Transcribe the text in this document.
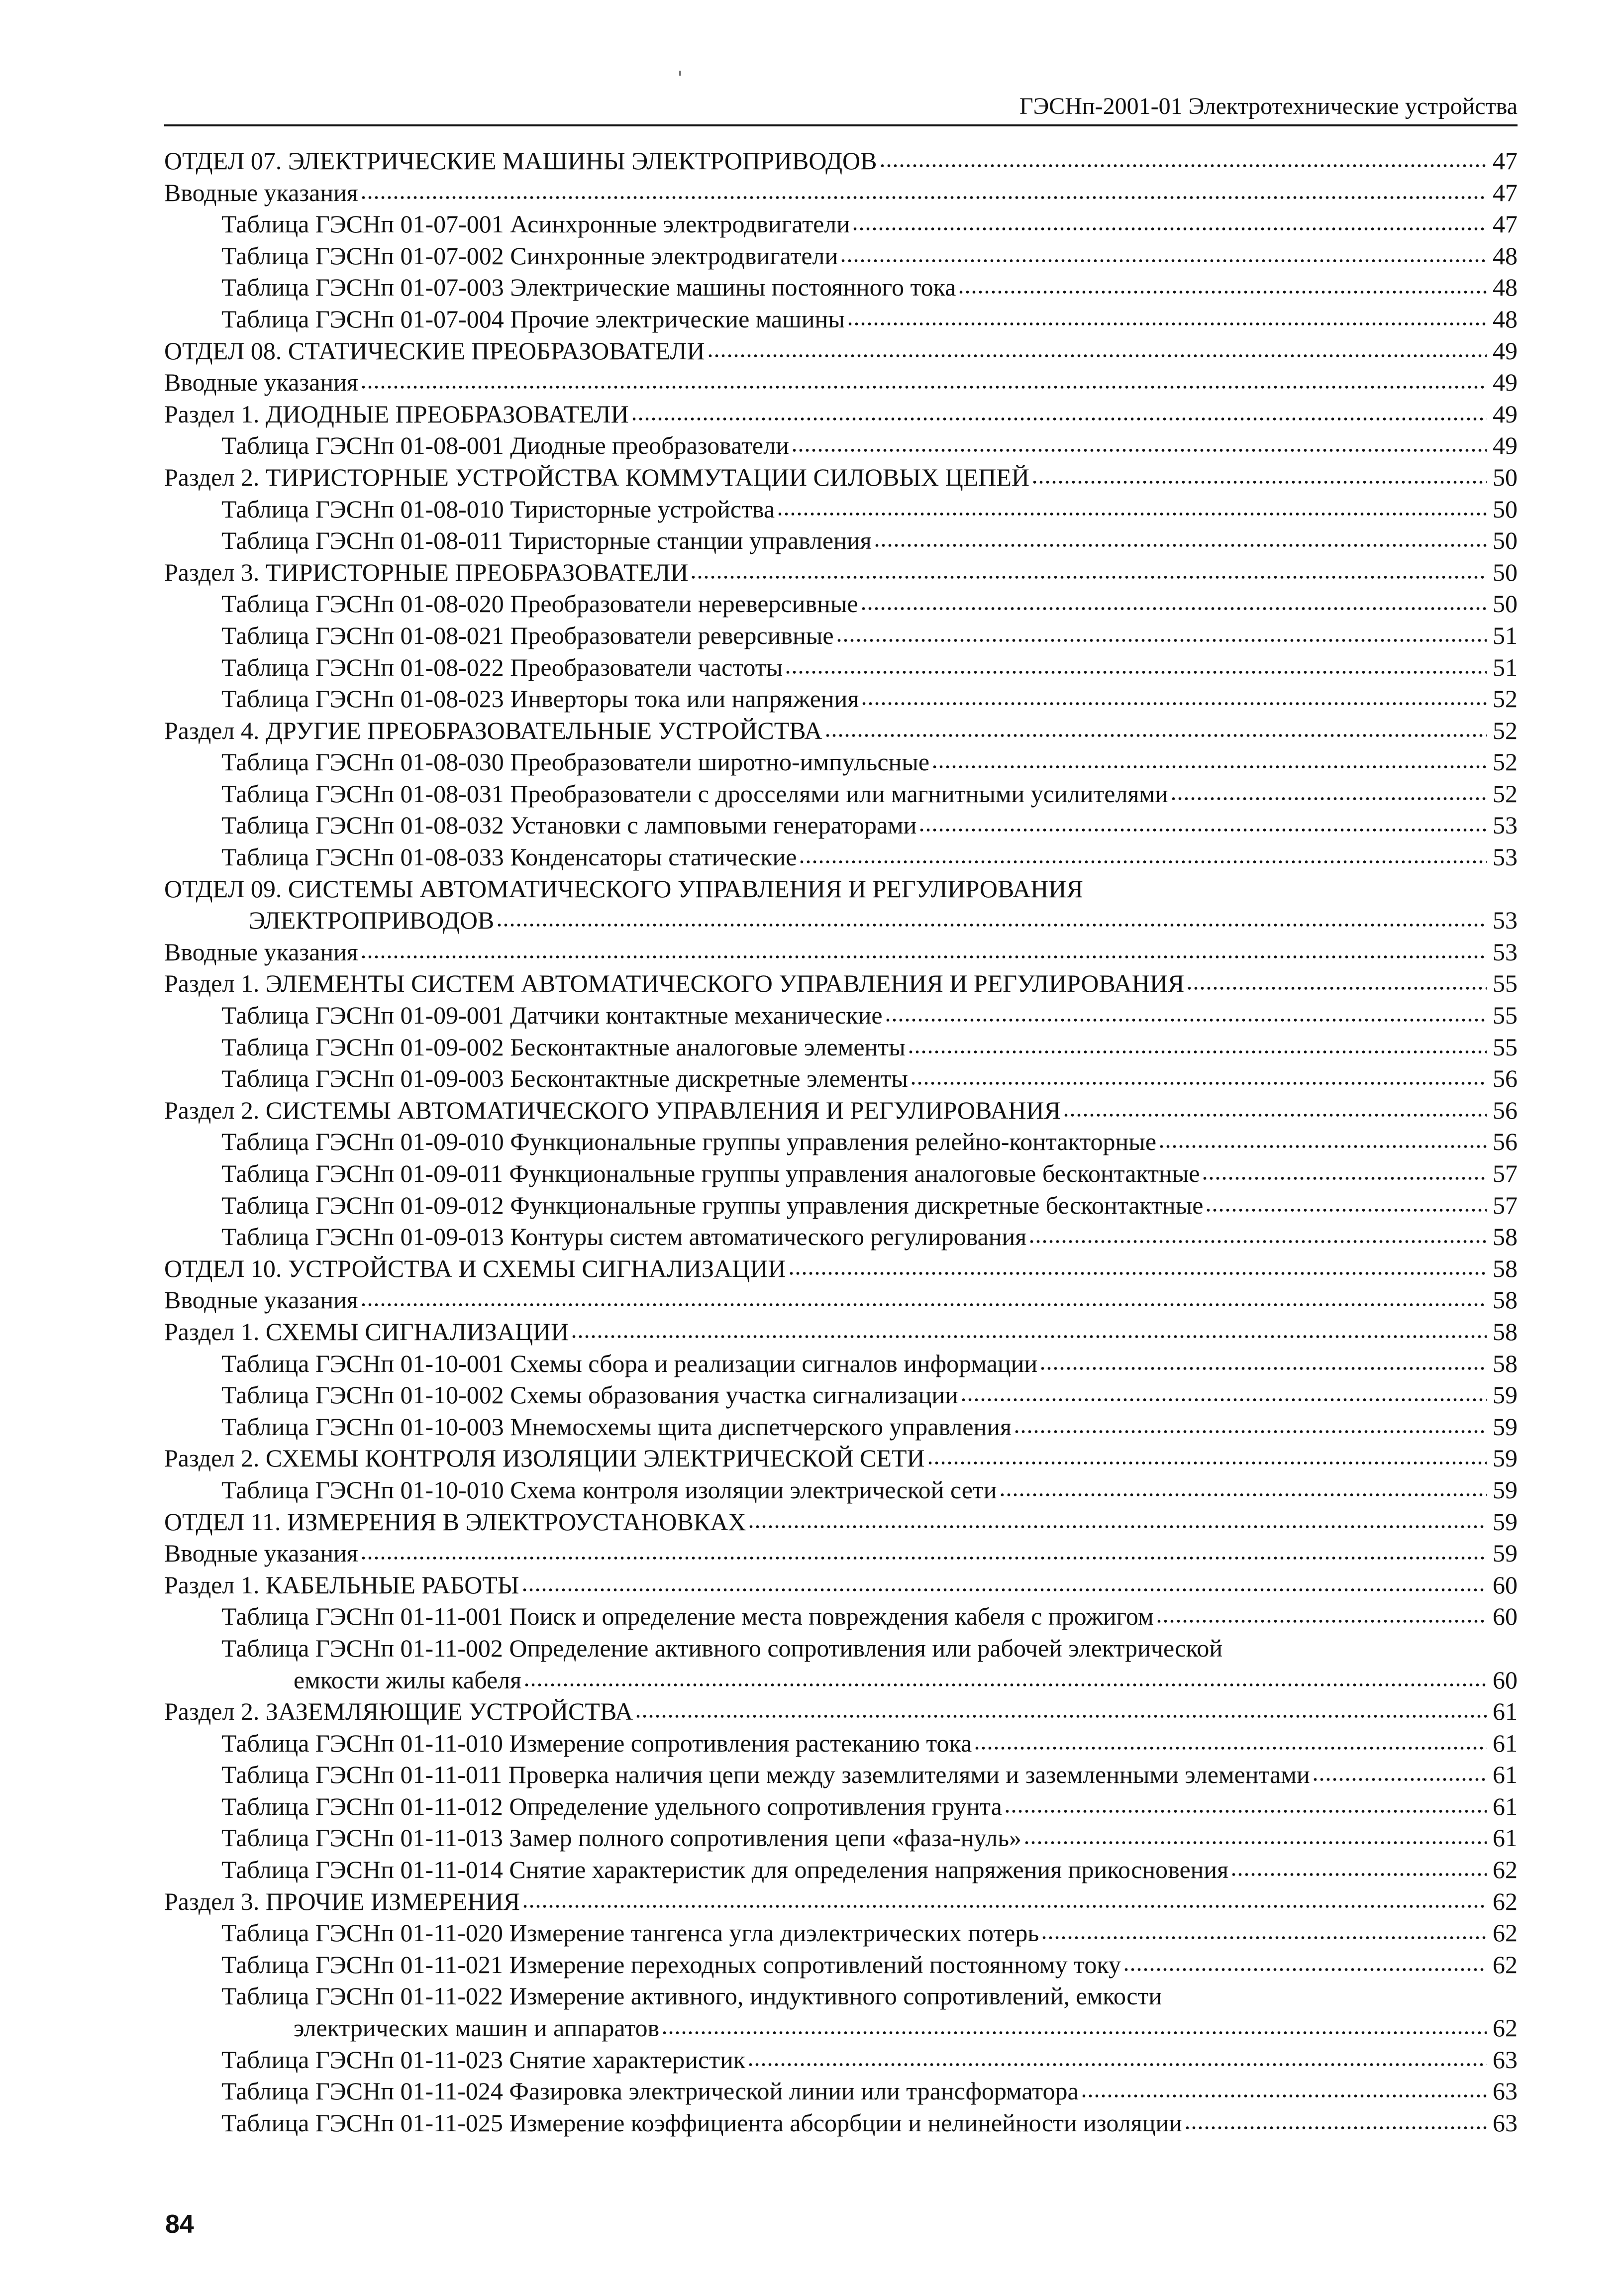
ГЭСНп-2001-01 Электротехнические устройства
ОТДЕЛ 07. ЭЛЕКТРИЧЕСКИЕ МАШИНЫ ЭЛЕКТРОПРИВОДОВ	47
Вводные указания	47
Таблица ГЭСНп 01-07-001 Асинхронные электродвигатели	47
Таблица ГЭСНп 01-07-002 Синхронные электродвигатели	48
Таблица ГЭСНп 01-07-003 Электрические машины постоянного тока	48
Таблица ГЭСНп 01-07-004 Прочие электрические машины	48
ОТДЕЛ 08. СТАТИЧЕСКИЕ ПРЕОБРАЗОВАТЕЛИ	49
Вводные указания	49
Раздел 1. ДИОДНЫЕ ПРЕОБРАЗОВАТЕЛИ	49
Таблица ГЭСНп 01-08-001 Диодные преобразователи	49
Раздел 2. ТИРИСТОРНЫЕ УСТРОЙСТВА КОММУТАЦИИ СИЛОВЫХ ЦЕПЕЙ	50
Таблица ГЭСНп 01-08-010 Тиристорные устройства	50
Таблица ГЭСНп 01-08-011 Тиристорные станции управления	50
Раздел 3. ТИРИСТОРНЫЕ ПРЕОБРАЗОВАТЕЛИ	50
Таблица ГЭСНп 01-08-020 Преобразователи нереверсивные	50
Таблица ГЭСНп 01-08-021 Преобразователи реверсивные	51
Таблица ГЭСНп 01-08-022 Преобразователи частоты	51
Таблица ГЭСНп 01-08-023 Инверторы тока или напряжения	52
Раздел 4. ДРУГИЕ ПРЕОБРАЗОВАТЕЛЬНЫЕ УСТРОЙСТВА	52
Таблица ГЭСНп 01-08-030 Преобразователи широтно-импульсные	52
Таблица ГЭСНп 01-08-031 Преобразователи с дросселями или магнитными усилителями	52
Таблица ГЭСНп 01-08-032 Установки с ламповыми генераторами	53
Таблица ГЭСНп 01-08-033 Конденсаторы статические	53
ОТДЕЛ 09. СИСТЕМЫ АВТОМАТИЧЕСКОГО УПРАВЛЕНИЯ И РЕГУЛИРОВАНИЯ
ЭЛЕКТРОПРИВОДОВ	53
Вводные указания	53
Раздел 1. ЭЛЕМЕНТЫ СИСТЕМ АВТОМАТИЧЕСКОГО УПРАВЛЕНИЯ И РЕГУЛИРОВАНИЯ	55
Таблица ГЭСНп 01-09-001 Датчики контактные механические	55
Таблица ГЭСНп 01-09-002 Бесконтактные аналоговые элементы	55
Таблица ГЭСНп 01-09-003 Бесконтактные дискретные элементы	56
Раздел 2. СИСТЕМЫ АВТОМАТИЧЕСКОГО УПРАВЛЕНИЯ И РЕГУЛИРОВАНИЯ	56
Таблица ГЭСНп 01-09-010 Функциональные группы управления релейно-контакторные	56
Таблица ГЭСНп 01-09-011 Функциональные группы управления аналоговые бесконтактные	57
Таблица ГЭСНп 01-09-012 Функциональные группы управления дискретные бесконтактные	57
Таблица ГЭСНп 01-09-013 Контуры систем автоматического регулирования	58
ОТДЕЛ 10. УСТРОЙСТВА И СХЕМЫ СИГНАЛИЗАЦИИ	58
Вводные указания	58
Раздел 1. СХЕМЫ СИГНАЛИЗАЦИИ	58
Таблица ГЭСНп 01-10-001 Схемы сбора и реализации сигналов информации	58
Таблица ГЭСНп 01-10-002 Схемы образования участка сигнализации	59
Таблица ГЭСНп 01-10-003 Мнемосхемы щита диспетчерского управления	59
Раздел 2. СХЕМЫ КОНТРОЛЯ ИЗОЛЯЦИИ ЭЛЕКТРИЧЕСКОЙ СЕТИ	59
Таблица ГЭСНп 01-10-010 Схема контроля изоляции электрической сети	59
ОТДЕЛ 11. ИЗМЕРЕНИЯ В ЭЛЕКТРОУСТАНОВКАХ	59
Вводные указания	59
Раздел 1. КАБЕЛЬНЫЕ РАБОТЫ	60
Таблица ГЭСНп 01-11-001 Поиск и определение места повреждения кабеля с прожигом	60
Таблица ГЭСНп 01-11-002 Определение активного сопротивления или рабочей электрической
емкости жилы кабеля	60
Раздел 2. ЗАЗЕМЛЯЮЩИЕ УСТРОЙСТВА	61
Таблица ГЭСНп 01-11-010 Измерение сопротивления растеканию тока	61
Таблица ГЭСНп 01-11-011 Проверка наличия цепи между заземлителями и заземленными элементами	61
Таблица ГЭСНп 01-11-012 Определение удельного сопротивления грунта	61
Таблица ГЭСНп 01-11-013 Замер полного сопротивления цепи «фаза-нуль»	61
Таблица ГЭСНп 01-11-014 Снятие характеристик для определения напряжения прикосновения	62
Раздел 3. ПРОЧИЕ ИЗМЕРЕНИЯ	62
Таблица ГЭСНп 01-11-020 Измерение тангенса угла диэлектрических потерь	62
Таблица ГЭСНп 01-11-021 Измерение переходных сопротивлений постоянному току	62
Таблица ГЭСНп 01-11-022 Измерение активного, индуктивного сопротивлений, емкости
электрических машин и аппаратов	62
Таблица ГЭСНп 01-11-023 Снятие характеристик	63
Таблица ГЭСНп 01-11-024 Фазировка электрической линии или трансформатора	63
Таблица ГЭСНп 01-11-025 Измерение коэффициента абсорбции и нелинейности изоляции	63
84
